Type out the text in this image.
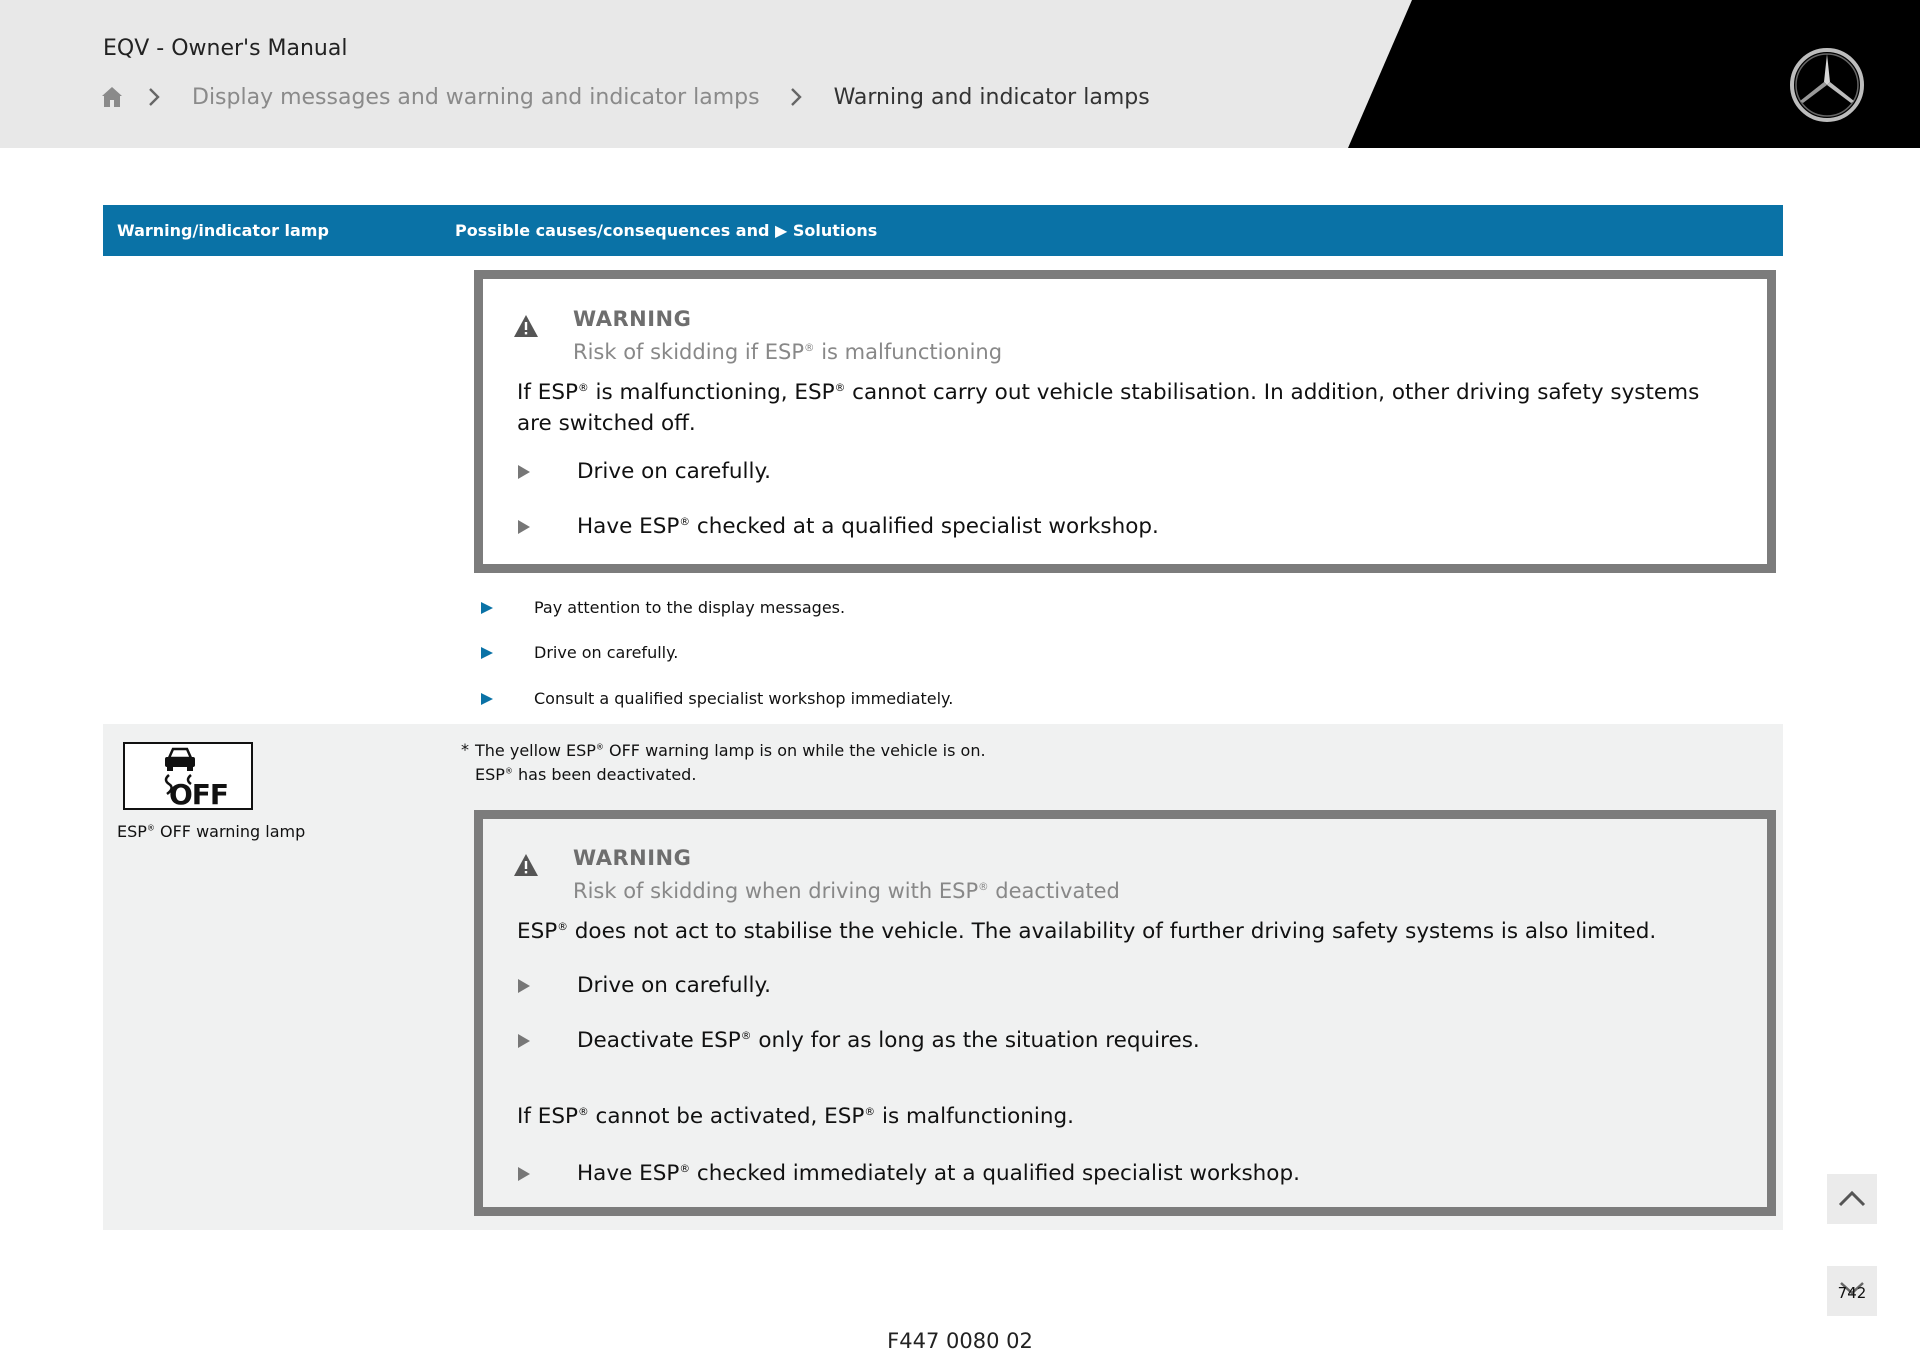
EQV - Owner's Manual
Display messages and warning and indicator lamps	Warning and indicator lamps
Warning/indicator lamp	Possible causes/consequences and ▶ Solutions
WARNING
Risk of skidding if ESP® is malfunctioning
If ESP® is malfunctioning, ESP® cannot carry out vehicle stabilisation. In addition, other driving safety systems are switched off.
Drive on carefully.
Have ESP® checked at a qualified specialist workshop.
Pay attention to the display messages.
Drive on carefully.
Consult a qualified specialist workshop immediately.
OFF
ESP® OFF warning lamp
* The yellow ESP® OFF warning lamp is on while the vehicle is on.
ESP® has been deactivated.
WARNING
Risk of skidding when driving with ESP® deactivated
ESP® does not act to stabilise the vehicle. The availability of further driving safety systems is also limited.
Drive on carefully.
Deactivate ESP® only for as long as the situation requires.
If ESP® cannot be activated, ESP® is malfunctioning.
Have ESP® checked immediately at a qualified specialist workshop.
742
F447 0080 02
